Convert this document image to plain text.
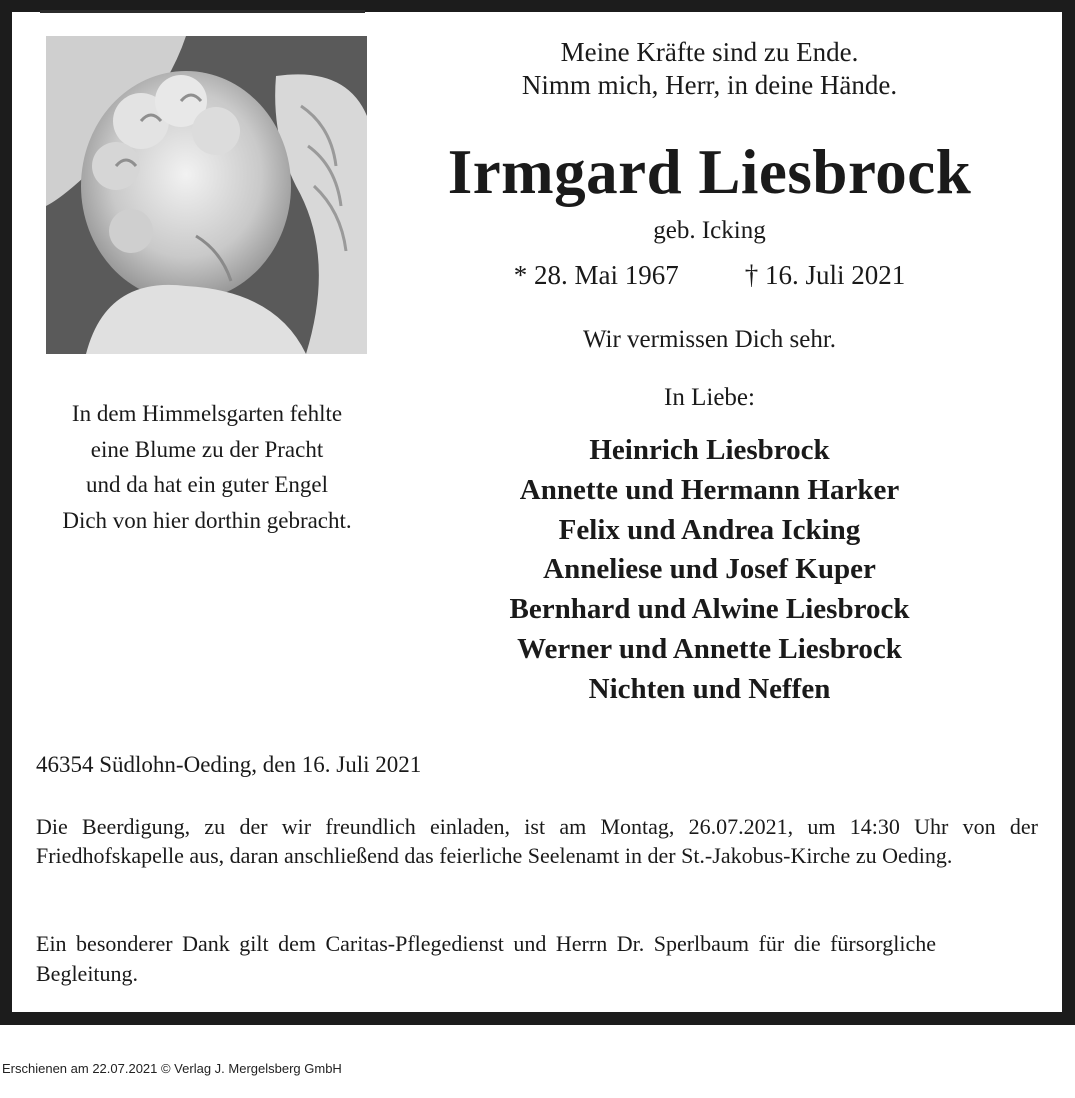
In dem Himmelsgarten fehlte
eine Blume zu der Pracht
und da hat ein guter Engel
Dich von hier dorthin gebracht.
Meine Kräfte sind zu Ende.
Nimm mich, Herr, in deine Hände.
Irmgard Liesbrock
geb. Icking
* 28. Mai 1967 † 16. Juli 2021
Wir vermissen Dich sehr.
In Liebe:
Heinrich Liesbrock
Annette und Hermann Harker
Felix und Andrea Icking
Anneliese und Josef Kuper
Bernhard und Alwine Liesbrock
Werner und Annette Liesbrock
Nichten und Neffen
46354 Südlohn-Oeding, den 16. Juli 2021
Die Beerdigung, zu der wir freundlich einladen, ist am Montag, 26.07.2021, um 14:30 Uhr von der Friedhofskapelle aus, daran anschließend das feierliche Seelenamt in der St.-Jakobus-Kirche zu Oeding.
Ein besonderer Dank gilt dem Caritas-Pflegedienst und Herrn Dr. Sperlbaum für die fürsorgliche Begleitung.
Erschienen am 22.07.2021 © Verlag J. Mergelsberg GmbH
